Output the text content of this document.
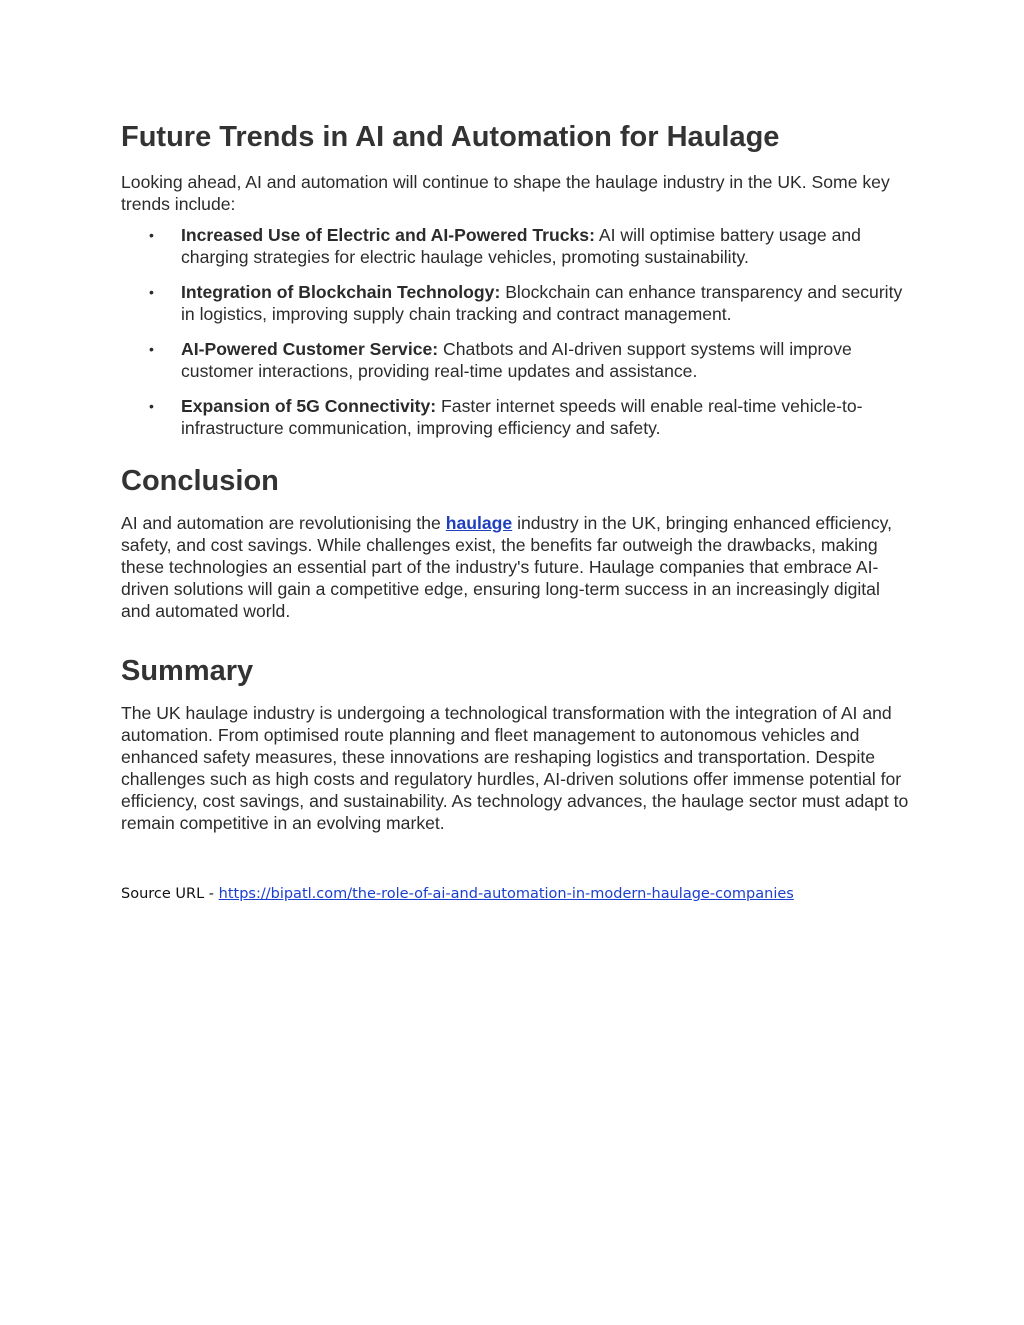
Future Trends in AI and Automation for Haulage

Looking ahead, AI and automation will continue to shape the haulage industry in the UK. Some key trends include:

• Increased Use of Electric and AI-Powered Trucks: AI will optimise battery usage and charging strategies for electric haulage vehicles, promoting sustainability.
• Integration of Blockchain Technology: Blockchain can enhance transparency and security in logistics, improving supply chain tracking and contract management.
• AI-Powered Customer Service: Chatbots and AI-driven support systems will improve customer interactions, providing real-time updates and assistance.
• Expansion of 5G Connectivity: Faster internet speeds will enable real-time vehicle-to-infrastructure communication, improving efficiency and safety.
Conclusion

AI and automation are revolutionising the haulage industry in the UK, bringing enhanced efficiency, safety, and cost savings. While challenges exist, the benefits far outweigh the drawbacks, making these technologies an essential part of the industry's future. Haulage companies that embrace AI-driven solutions will gain a competitive edge, ensuring long-term success in an increasingly digital and automated world.

Summary

The UK haulage industry is undergoing a technological transformation with the integration of AI and automation. From optimised route planning and fleet management to autonomous vehicles and enhanced safety measures, these innovations are reshaping logistics and transportation. Despite challenges such as high costs and regulatory hurdles, AI-driven solutions offer immense potential for efficiency, cost savings, and sustainability. As technology advances, the haulage sector must adapt to remain competitive in an evolving market.

Source URL - https://bipatl.com/the-role-of-ai-and-automation-in-modern-haulage-companies
